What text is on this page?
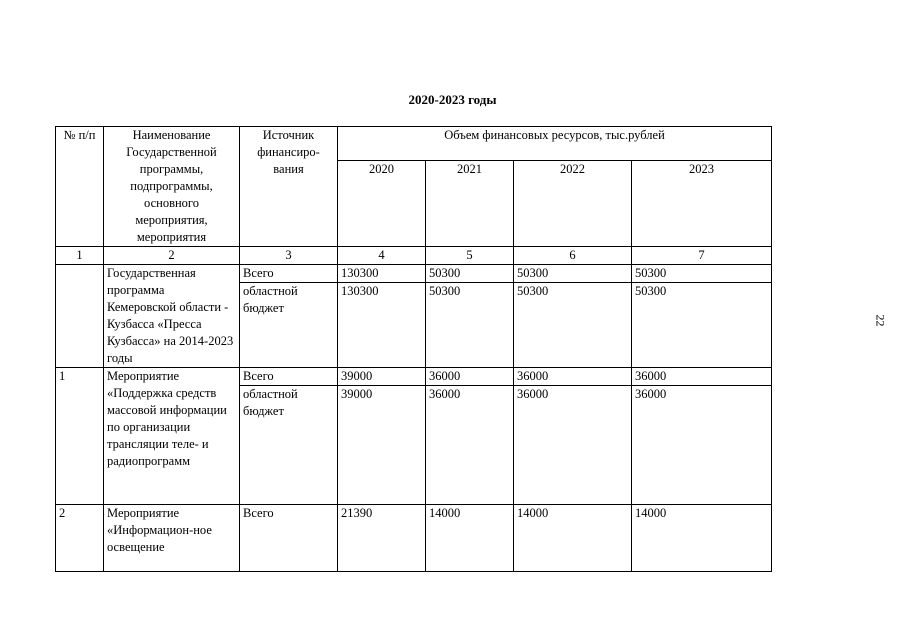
2020-2023 годы
22
№ п/п	Наименование Государственной программы, подпрограммы, основного мероприятия, мероприятия	Источник финансиро-вания	Объем финансовых ресурсов, тыс.рублей			
			2020	2021	2022	2023
1	2	3	4	5	6	7
	Государственная программа Кемеровской области - Кузбасса «Пресса Кузбасса» на 2014-2023 годы	Всего	130300	50300	50300	50300
		областной бюджет	130300	50300	50300	50300
1	Мероприятие «Поддержка средств массовой информации по организации трансляции теле- и радиопрограмм	Всего	39000	36000	36000	36000
		областной бюджет	39000	36000	36000	36000
2	Мероприятие «Информацион-ное освещение	Всего	21390	14000	14000	14000
